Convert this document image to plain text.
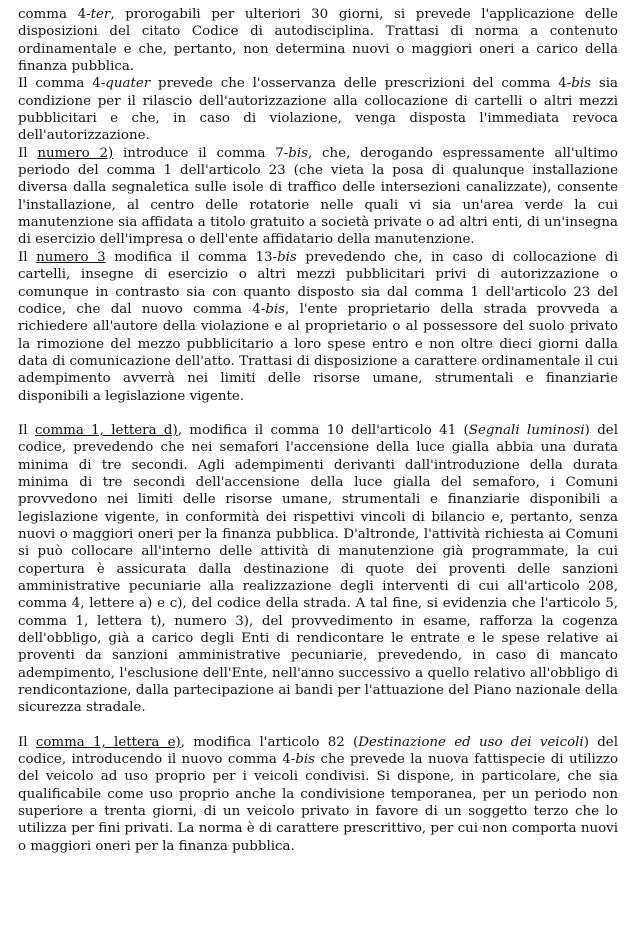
comma 4-ter, prorogabili per ulteriori 30 giorni, si prevede l'applicazione delle disposizioni del citato Codice di autodisciplina. Trattasi di norma a contenuto ordinamentale e che, pertanto, non determina nuovi o maggiori oneri a carico della finanza pubblica.

Il comma 4-quater prevede che l'osservanza delle prescrizioni del comma 4-bis sia condizione per il rilascio dell'autorizzazione alla collocazione di cartelli o altri mezzi pubblicitari e che, in caso di violazione, venga disposta l'immediata revoca dell'autorizzazione.

Il numero 2) introduce il comma 7-bis, che, derogando espressamente all'ultimo periodo del comma 1 dell'articolo 23 (che vieta la posa di qualunque installazione diversa dalla segnaletica sulle isole di traffico delle intersezioni canalizzate), consente l'installazione, al centro delle rotatorie nelle quali vi sia un'area verde la cui manutenzione sia affidata a titolo gratuito a società private o ad altri enti, di un'insegna di esercizio dell'impresa o dell'ente affidatario della manutenzione.

Il numero 3 modifica il comma 13-bis prevedendo che, in caso di collocazione di cartelli, insegne di esercizio o altri mezzi pubblicitari privi di autorizzazione o comunque in contrasto sia con quanto disposto sia dal comma 1 dell'articolo 23 del codice, che dal nuovo comma 4-bis, l'ente proprietario della strada provveda a richiedere all'autore della violazione e al proprietario o al possessore del suolo privato la rimozione del mezzo pubblicitario a loro spese entro e non oltre dieci giorni dalla data di comunicazione dell'atto. Trattasi di disposizione a carattere ordinamentale il cui adempimento avverrà nei limiti delle risorse umane, strumentali e finanziarie disponibili a legislazione vigente.

Il comma 1, lettera d), modifica il comma 10 dell'articolo 41 (Segnali luminosi) del codice, prevedendo che nei semafori l'accensione della luce gialla abbia una durata minima di tre secondi. Agli adempimenti derivanti dall'introduzione della durata minima di tre secondi dell'accensione della luce gialla del semaforo, i Comuni provvedono nei limiti delle risorse umane, strumentali e finanziarie disponibili a legislazione vigente, in conformità dei rispettivi vincoli di bilancio e, pertanto, senza nuovi o maggiori oneri per la finanza pubblica. D'altronde, l'attività richiesta ai Comuni si può collocare all'interno delle attività di manutenzione già programmate, la cui copertura è assicurata dalla destinazione di quote dei proventi delle sanzioni amministrative pecuniarie alla realizzazione degli interventi di cui all'articolo 208, comma 4, lettere a) e c), del codice della strada. A tal fine, si evidenzia che l'articolo 5, comma 1, lettera t), numero 3), del provvedimento in esame, rafforza la cogenza dell'obbligo, già a carico degli Enti di rendicontare le entrate e le spese relative ai proventi da sanzioni amministrative pecuniarie, prevedendo, in caso di mancato adempimento, l'esclusione dell'Ente, nell'anno successivo a quello relativo all'obbligo di rendicontazione, dalla partecipazione ai bandi per l'attuazione del Piano nazionale della sicurezza stradale.

Il comma 1, lettera e), modifica l'articolo 82 (Destinazione ed uso dei veicoli) del codice, introducendo il nuovo comma 4-bis che prevede la nuova fattispecie di utilizzo del veicolo ad uso proprio per i veicoli condivisi. Si dispone, in particolare, che sia qualificabile come uso proprio anche la condivisione temporanea, per un periodo non superiore a trenta giorni, di un veicolo privato in favore di un soggetto terzo che lo utilizza per fini privati. La norma è di carattere prescrittivo, per cui non comporta nuovi o maggiori oneri per la finanza pubblica.
